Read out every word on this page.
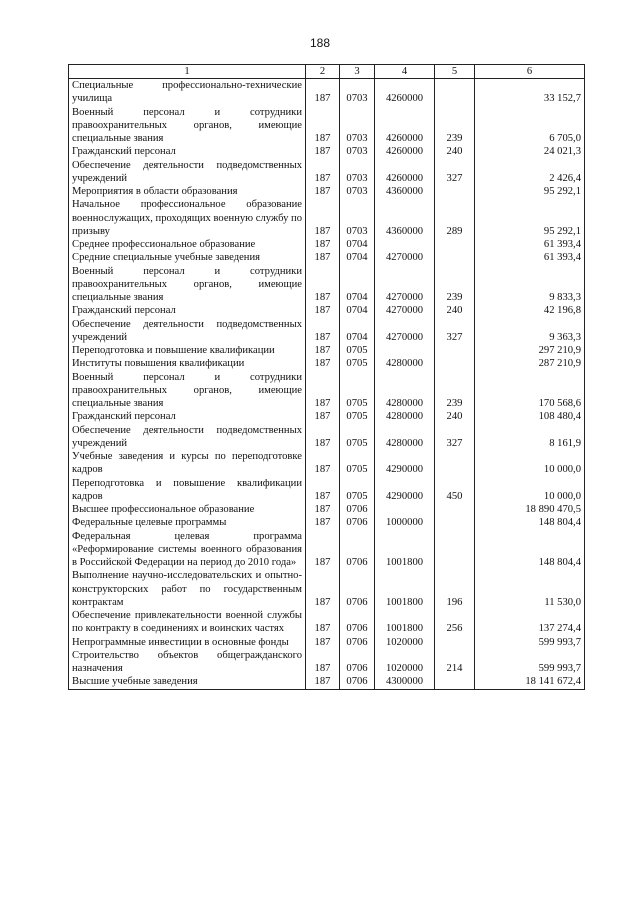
188
1	2	3	4	5	6
Специальные профессионально-технические училища	187	0703	4260000		33 152,7
Военный персонал и сотрудники правоохранительных органов, имеющие специальные звания	187	0703	4260000	239	6 705,0
Гражданский персонал	187	0703	4260000	240	24 021,3
Обеспечение деятельности подведомственных учреждений	187	0703	4260000	327	2 426,4
Мероприятия в области образования	187	0703	4360000		95 292,1
Начальное профессиональное образование военнослужащих, проходящих военную службу по призыву	187	0703	4360000	289	95 292,1
Среднее профессиональное образование	187	0704			61 393,4
Средние специальные учебные заведения	187	0704	4270000		61 393,4
Военный персонал и сотрудники правоохранительных органов, имеющие специальные звания	187	0704	4270000	239	9 833,3
Гражданский персонал	187	0704	4270000	240	42 196,8
Обеспечение деятельности подведомственных учреждений	187	0704	4270000	327	9 363,3
Переподготовка и повышение квалификации	187	0705			297 210,9
Институты повышения квалификации	187	0705	4280000		287 210,9
Военный персонал и сотрудники правоохранительных органов, имеющие специальные звания	187	0705	4280000	239	170 568,6
Гражданский персонал	187	0705	4280000	240	108 480,4
Обеспечение деятельности подведомственных учреждений	187	0705	4280000	327	8 161,9
Учебные заведения и курсы по переподготовке кадров	187	0705	4290000		10 000,0
Переподготовка и повышение квалификации кадров	187	0705	4290000	450	10 000,0
Высшее профессиональное образование	187	0706			18 890 470,5
Федеральные целевые программы	187	0706	1000000		148 804,4
Федеральная целевая программа «Реформирование системы военного образования в Российской Федерации на период до 2010 года»	187	0706	1001800		148 804,4
Выполнение научно-исследовательских и опытно-конструкторских работ по государственным контрактам	187	0706	1001800	196	11 530,0
Обеспечение привлекательности военной службы по контракту в соединениях и воинских частях	187	0706	1001800	256	137 274,4
Непрограммные инвестиции в основные фонды	187	0706	1020000		599 993,7
Строительство объектов общегражданского назначения	187	0706	1020000	214	599 993,7
Высшие учебные заведения	187	0706	4300000		18 141 672,4
